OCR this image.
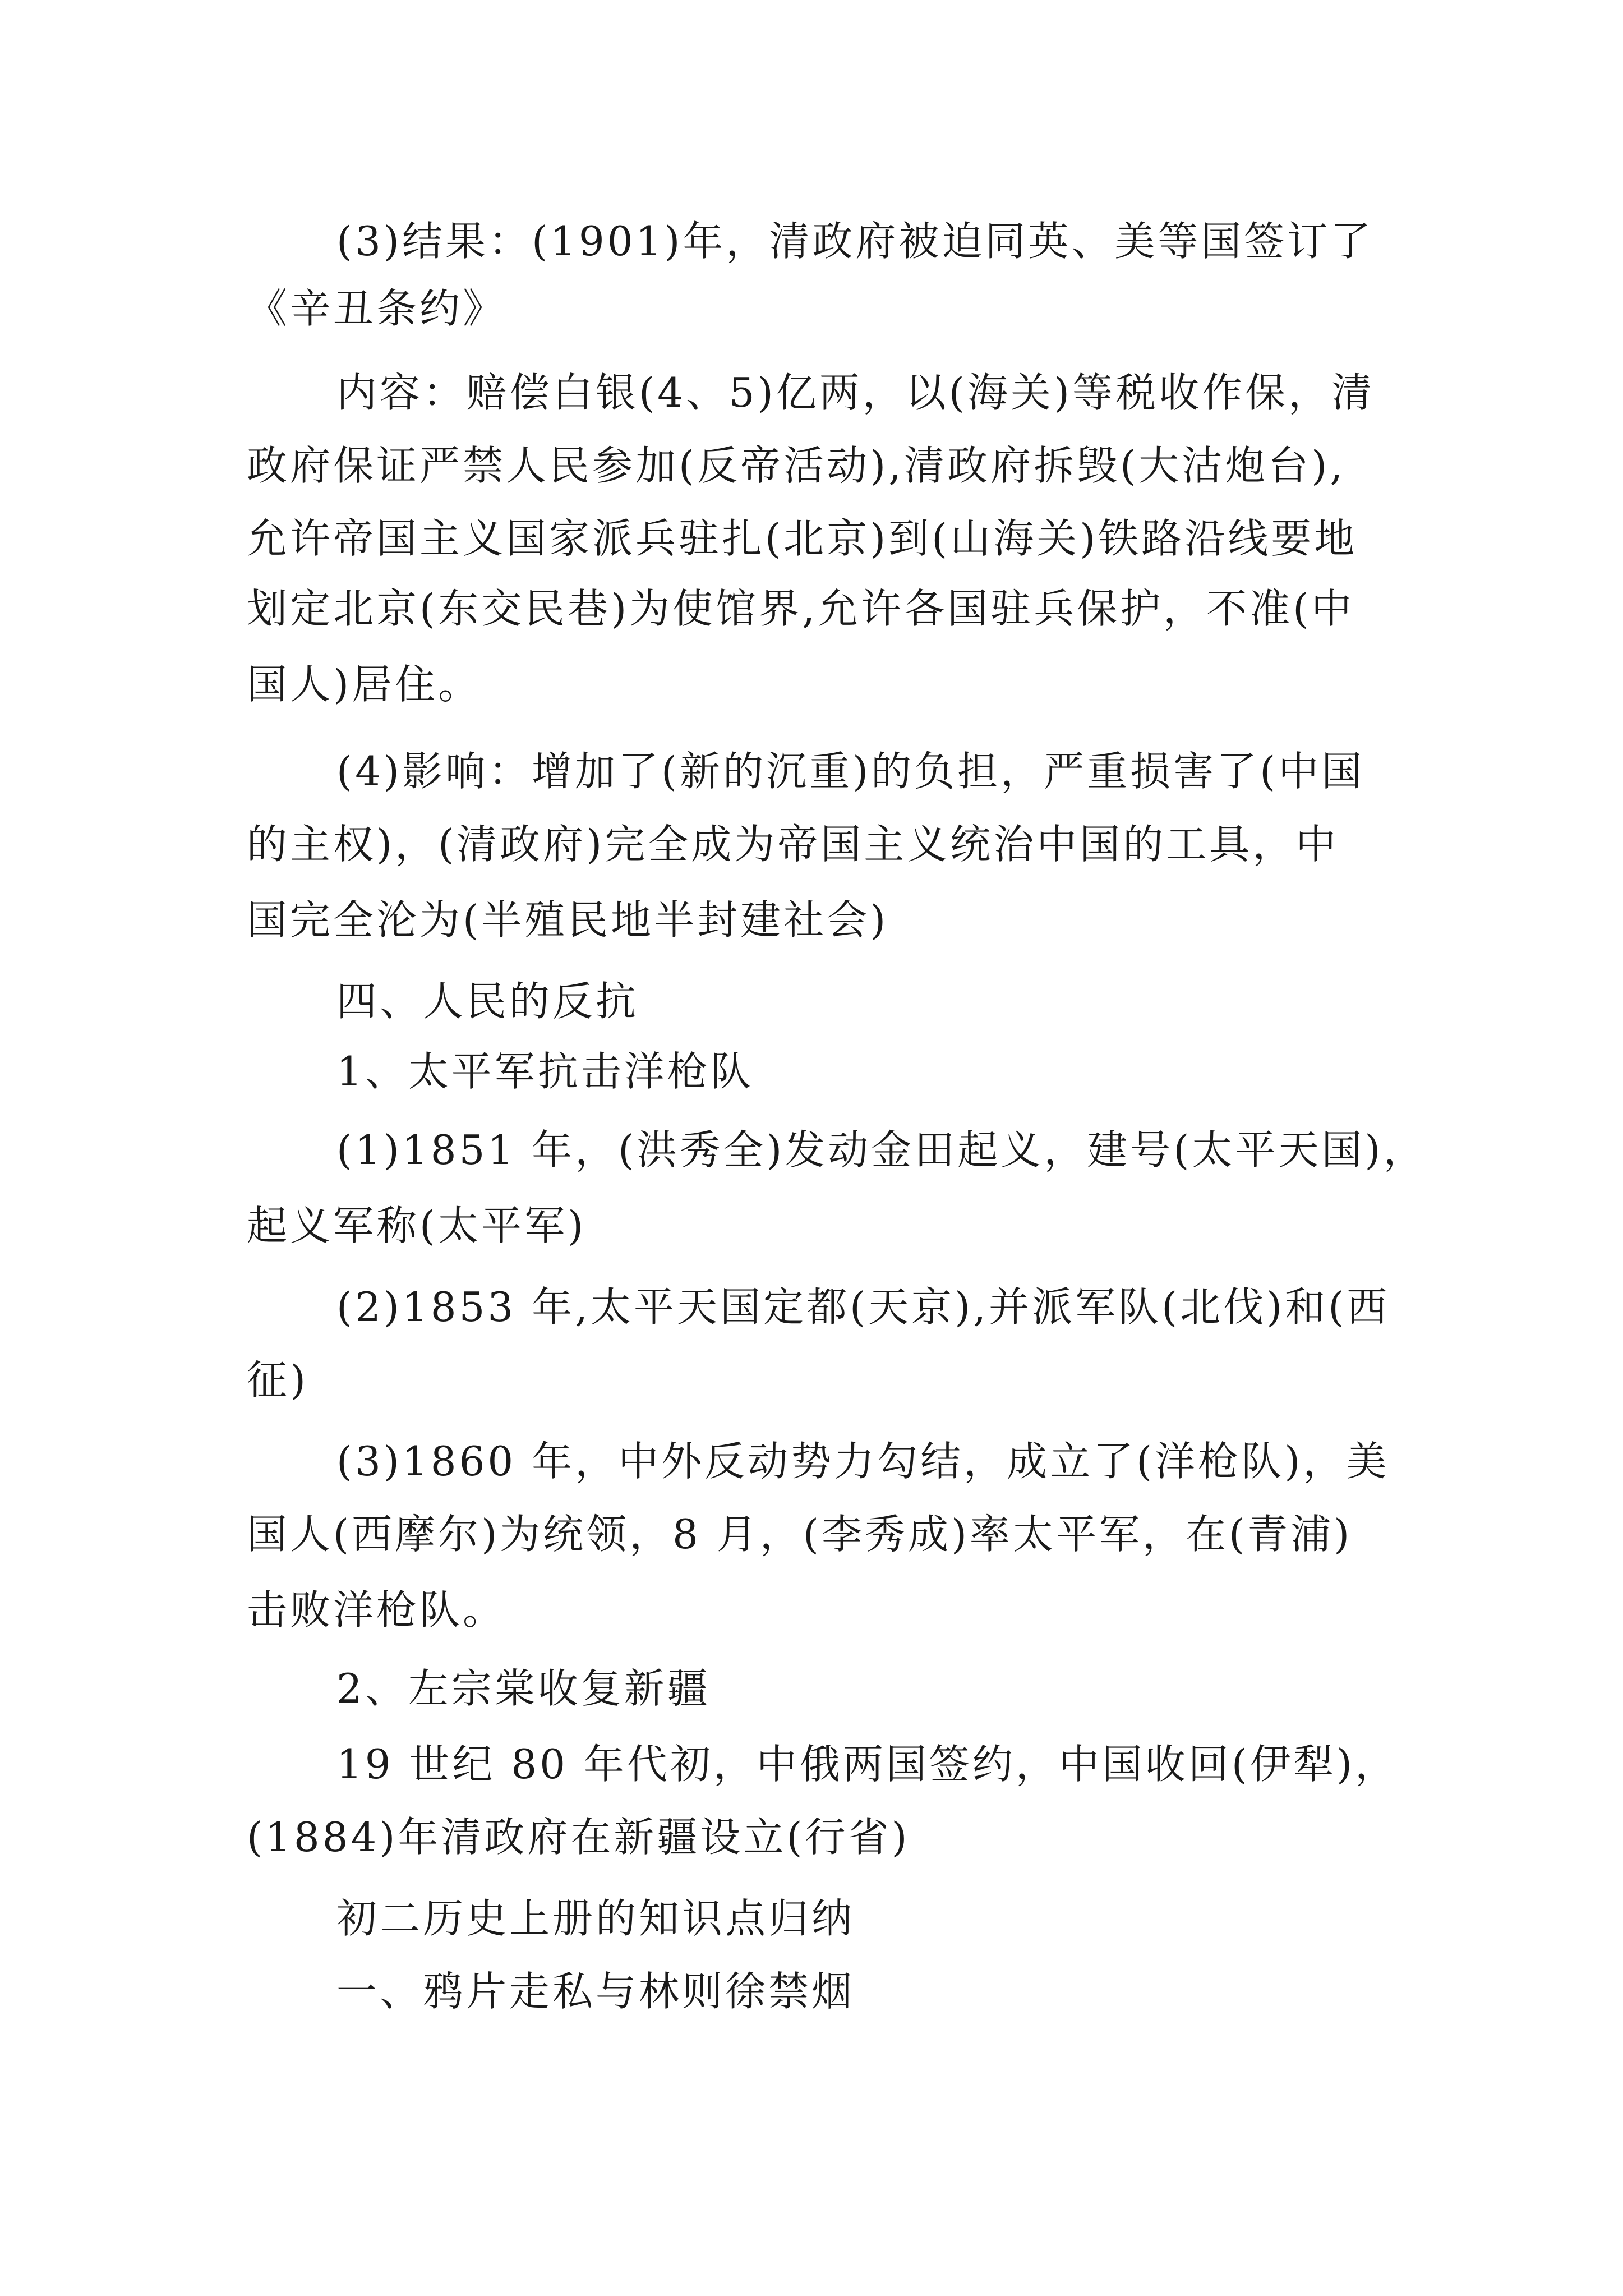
(3)结果：(1901)年，清政府被迫同英、美等国签订了
《辛丑条约》
内容：赔偿白银(4、5)亿两，以(海关)等税收作保，清
政府保证严禁人民参加(反帝活动),清政府拆毁(大沽炮台),
允许帝国主义国家派兵驻扎(北京)到(山海关)铁路沿线要地
划定北京(东交民巷)为使馆界,允许各国驻兵保护，不准(中
国人)居住。
(4)影响：增加了(新的沉重)的负担，严重损害了(中国
的主权)，(清政府)完全成为帝国主义统治中国的工具，中
国完全沦为(半殖民地半封建社会)
四、人民的反抗
1、太平军抗击洋枪队
(1)1851 年，(洪秀全)发动金田起义，建号(太平天国)，
起义军称(太平军)
(2)1853 年,太平天国定都(天京),并派军队(北伐)和(西
征)
(3)1860 年，中外反动势力勾结，成立了(洋枪队)，美
国人(西摩尔)为统领，8 月，(李秀成)率太平军，在(青浦)
击败洋枪队。
2、左宗棠收复新疆
19 世纪 80 年代初，中俄两国签约，中国收回(伊犁)，
(1884)年清政府在新疆设立(行省)
初二历史上册的知识点归纳
一、鸦片走私与林则徐禁烟
